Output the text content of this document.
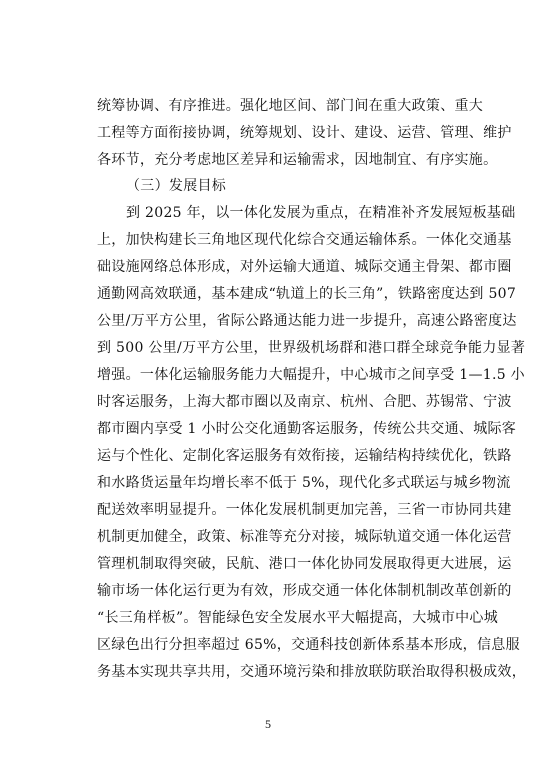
统筹协调、有序推进。强化地区间、部门间在重大政策、重大
工程等方面衔接协调，统筹规划、设计、建设、运营、管理、维护
各环节，充分考虑地区差异和运输需求，因地制宜、有序实施。
（三）发展目标
到 2025 年，以一体化发展为重点，在精准补齐发展短板基础
上，加快构建长三角地区现代化综合交通运输体系。一体化交通基
础设施网络总体形成，对外运输大通道、城际交通主骨架、都市圈
通勤网高效联通，基本建成“轨道上的长三角”，铁路密度达到 507
公里/万平方公里，省际公路通达能力进一步提升，高速公路密度达
到 500 公里/万平方公里，世界级机场群和港口群全球竞争能力显著
增强。一体化运输服务能力大幅提升，中心城市之间享受 1—1.5 小
时客运服务，上海大都市圈以及南京、杭州、合肥、苏锡常、宁波
都市圈内享受 1 小时公交化通勤客运服务，传统公共交通、城际客
运与个性化、定制化客运服务有效衔接，运输结构持续优化，铁路
和水路货运量年均增长率不低于 5%，现代化多式联运与城乡物流
配送效率明显提升。一体化发展机制更加完善，三省一市协同共建
机制更加健全，政策、标准等充分对接，城际轨道交通一体化运营
管理机制取得突破，民航、港口一体化协同发展取得更大进展，运
输市场一体化运行更为有效，形成交通一体化体制机制改革创新的
“长三角样板”。智能绿色安全发展水平大幅提高，大城市中心城
区绿色出行分担率超过 65%，交通科技创新体系基本形成，信息服
务基本实现共享共用，交通环境污染和排放联防联治取得积极成效，
5
